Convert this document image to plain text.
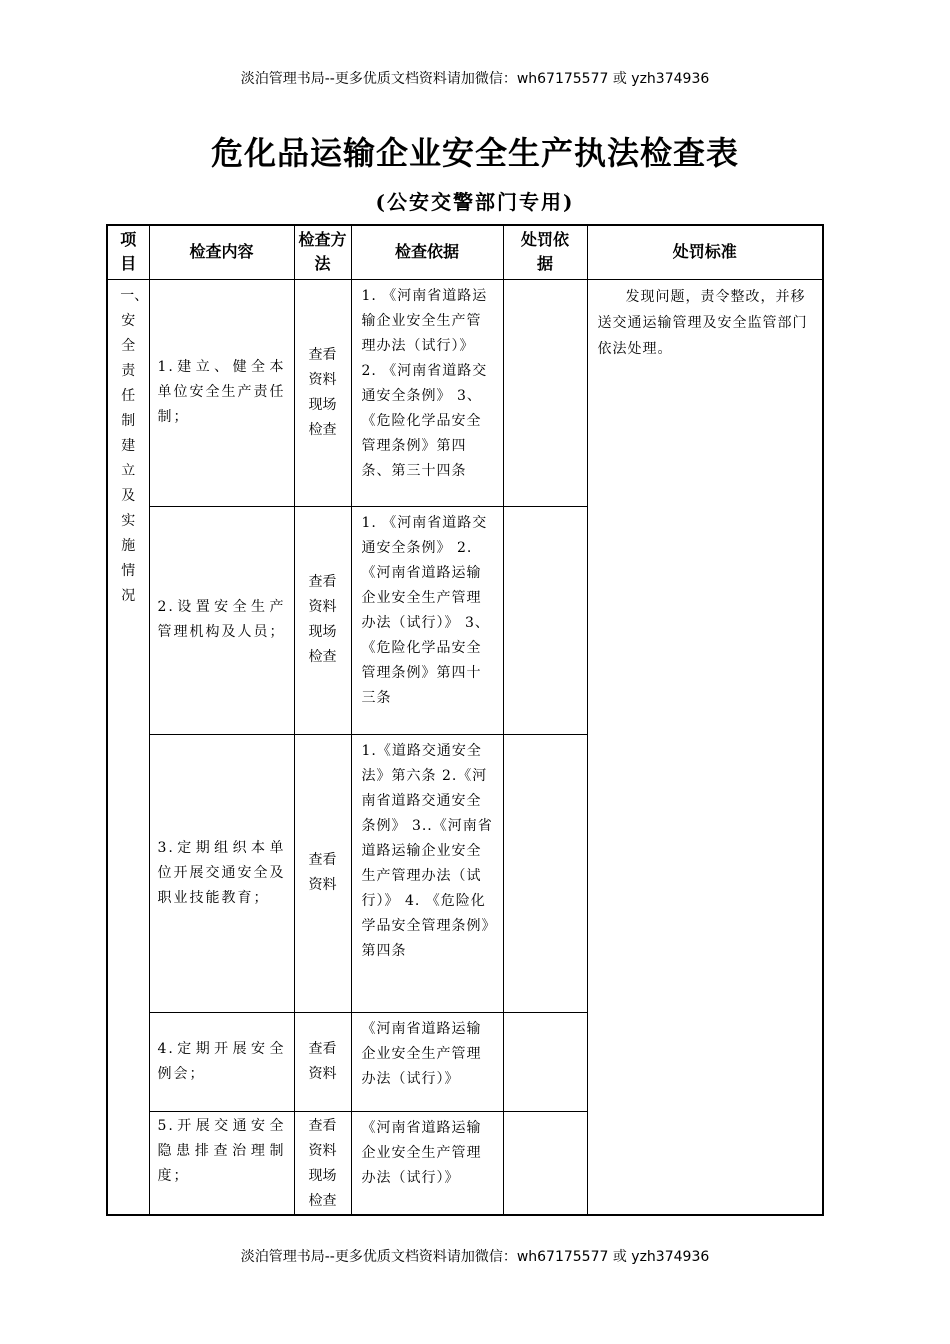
淡泊管理书局--更多优质文档资料请加微信：wh67175577 或 yzh374936
危化品运输企业安全生产执法检查表
(公安交警部门专用)
项目	检查内容	检查方法	检查依据	处罚依据	处罚标准

一、安全责任制建立及实施情况	1.建立、健全本单位安全生产责任制；	查看资料现场检查	1. 《河南省道路运输企业安全生产管理办法（试行）》 2. 《河南省道路交通安全条例》 3、《危险化学品安全管理条例》第四条、第三十四条		发现问题，责令整改，并移送交通运输管理及安全监管部门依法处理。
	2.设置安全生产管理机构及人员；	查看资料现场检查	1. 《河南省道路交通安全条例》 2. 《河南省道路运输企业安全生产管理办法（试行）》 3、《危险化学品安全管理条例》第四十三条		
	3.定期组织本单位开展交通安全及职业技能教育；	查看资料	1.《道路交通安全法》第六条 2.《河南省道路交通安全条例》 3..《河南省道路运输企业安全生产管理办法（试行）》 4. 《危险化学品安全管理条例》第四条		
	4.定期开展安全例会；	查看资料	《河南省道路运输企业安全生产管理办法（试行）》		
	5.开展交通安全隐患排查治理制度；	查看资料现场检查	《河南省道路运输企业安全生产管理办法（试行）》		
淡泊管理书局--更多优质文档资料请加微信：wh67175577 或 yzh374936
